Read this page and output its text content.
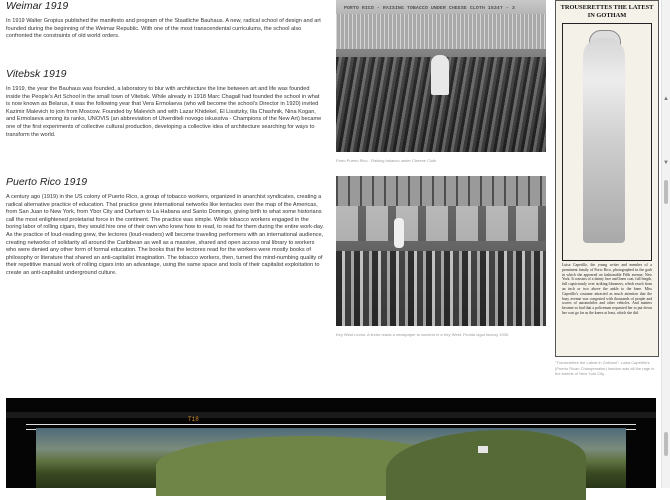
Weimar 1919

In 1919 Walter Gropius published the manifesto and program of the Staatliche Bauhaus. A new, radical school of design and art founded during the beginning of the Weimar Republic. With one of the most transcendental curriculums, the school also confronted the constraints of old world orders.

Vitebsk 1919

In 1919, the year the Bauhaus was founded, a laboratory to blur with architecture the line between art and life was founded inside the People's Art School in the small town of Vitebsk. While already in 1918 Marc Chagall had founded the school in what is now known as Belarus, it was the following year that Vera Ermolaeva (who will become the school's Director in 1920) invited Kazimir Malevich to join from Moscow. Founded by Malevich and with Lazar Khidekel, El Lissitzky, Ilia Chashnik, Nina Kogan, and Ermolaeva among its ranks, UNOVIS (an abbreviation of Utverditeli novogo iskusstva - Champions of the New Art) became one of the first experiments of collective cultural production, developing a collective idea of architecture searching for ways to transform the world.

Puerto Rico 1919

A century ago (1919) in the US colony of Puerto Rico, a group of tobacco workers, organized in anarchist syndicates, creating a radical alternative practice of education. That practice grew international networks like tentacles over the map of the Americas, from San Juan to New York, from Ybor City and Durham to La Habana and Santo Domingo, giving birth to what some historians call the most enlightened proletariat force in the continent. The practice was simple. While tobacco workers engaged in the boring labor of rolling cigars, they would hire one of their own who knew how to read, to read for them during the entire work-day. As the practice of loud-reading grew, the lectores (loud-readers) will become traveling performers with an international audience, creating networks of solidarity all around the Caribbean as well as a massive, shared and open access oral library to workers who were denied any other form of formal education. The books that the lectores read for the workers were mostly books of philosophy or literature that shared an anti-capitalist imagination. The tobacco workers, then, turned the mind-numbing quality of their repetitive manual work of rolling cigars into an advantage, using the same space and tools of their capitalist exploitation to create an anti-capitalist underground culture.

PORTO RICO - RAISING TOBACCO UNDER CHEESE CLOTH 15347 - 3
Porto Puerto Rico - Raising tobacco under Cheese Cloth
Key West Lector. A lector reads a newspaper to workers in a Key West, Florida cigar factory 1930.
TROUSERETTES THE LATEST IN GOTHAM
Luisa Capetillo, the young writer and member of a prominent family of Porto Rico, photographed in the garb in which she appeared on fashionable Fifth avenue, New York. It consists of a dainty lace and linen coat, full length, full capriciously over striking bloomers, which reach from an inch or two above the ankle to the knee. Miss Capetillo's costume attracted as much attention that the busy avenue was congested with thousands of people and scores of automobiles and other vehicles. And matters became so bad that a policeman requested her to put down her coat go far as the knees at least, which she did.
"Trouserettes the Latest in Gotham": Luisa Capetillo's (Puerto Rican Changemaker) fashion was all the rage in the streets of New York City.
T18
▲
▼
